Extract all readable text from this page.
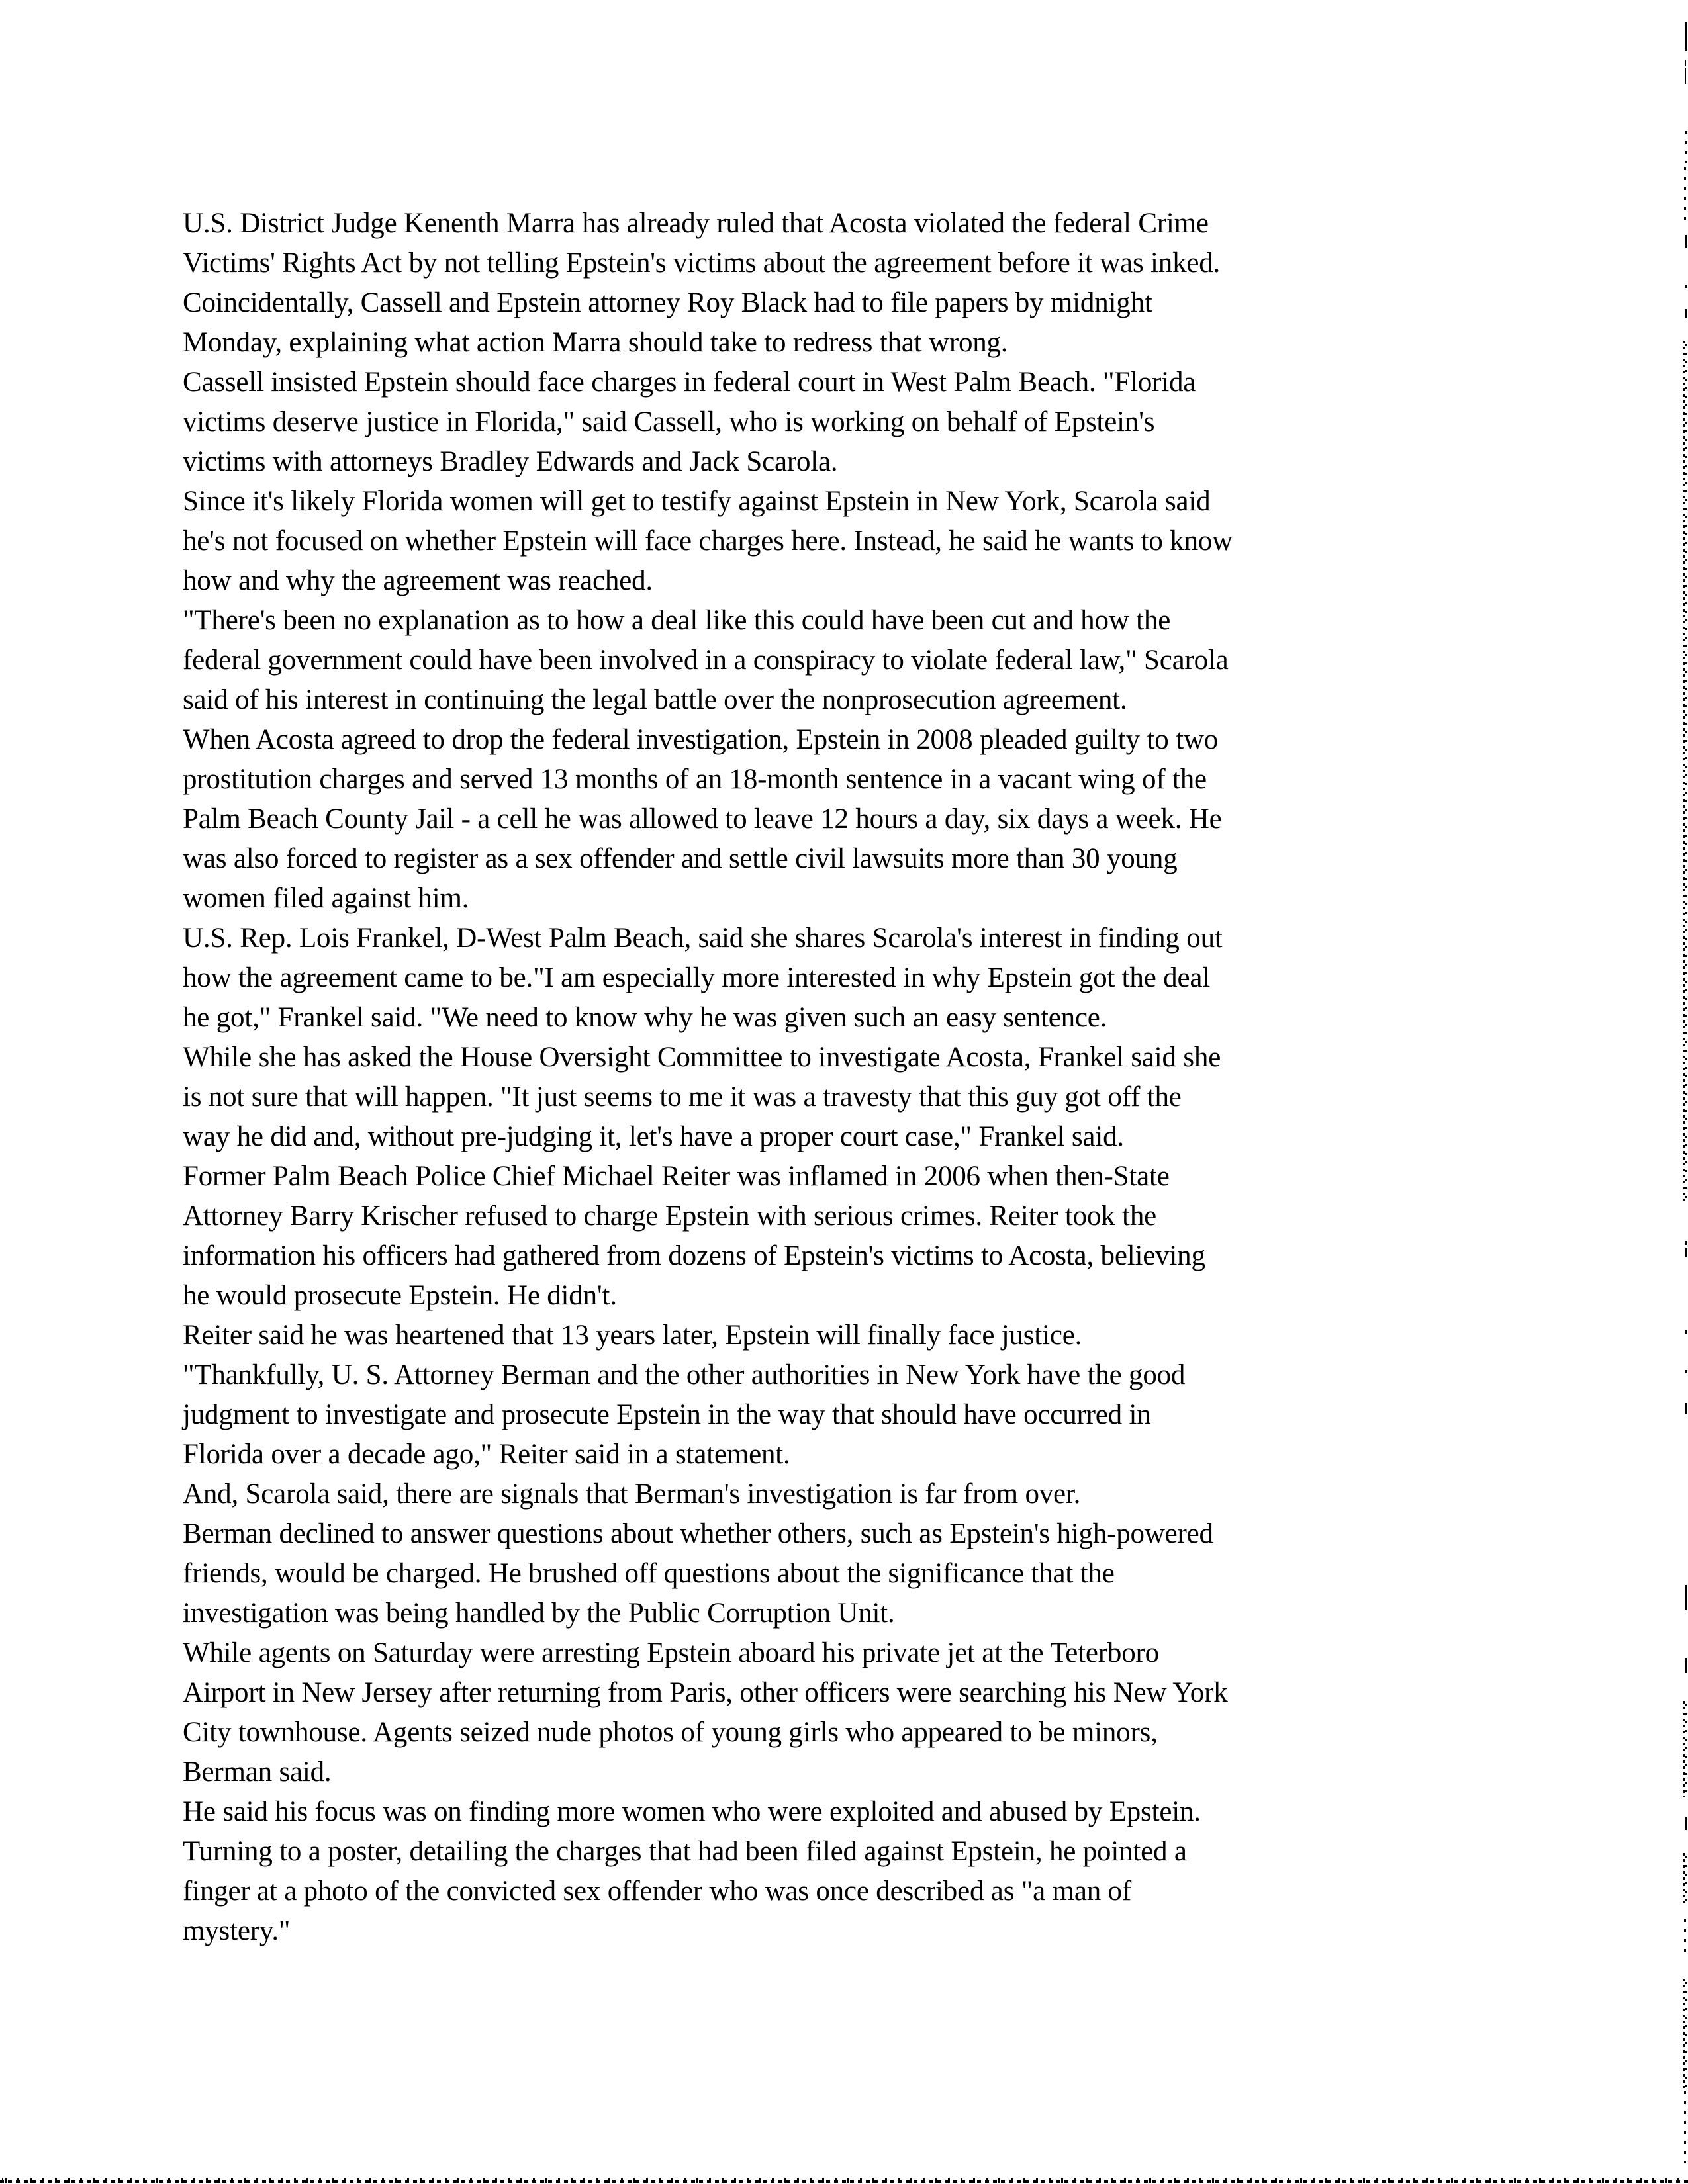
U.S. District Judge Kenenth Marra has already ruled that Acosta violated the federal Crime
Victims' Rights Act by not telling Epstein's victims about the agreement before it was inked.
Coincidentally, Cassell and Epstein attorney Roy Black had to file papers by midnight
Monday, explaining what action Marra should take to redress that wrong.
Cassell insisted Epstein should face charges in federal court in West Palm Beach. "Florida
victims deserve justice in Florida," said Cassell, who is working on behalf of Epstein's
victims with attorneys Bradley Edwards and Jack Scarola.
Since it's likely Florida women will get to testify against Epstein in New York, Scarola said
he's not focused on whether Epstein will face charges here. Instead, he said he wants to know
how and why the agreement was reached.
"There's been no explanation as to how a deal like this could have been cut and how the
federal government could have been involved in a conspiracy to violate federal law," Scarola
said of his interest in continuing the legal battle over the nonprosecution agreement.
When Acosta agreed to drop the federal investigation, Epstein in 2008 pleaded guilty to two
prostitution charges and served 13 months of an 18-month sentence in a vacant wing of the
Palm Beach County Jail - a cell he was allowed to leave 12 hours a day, six days a week. He
was also forced to register as a sex offender and settle civil lawsuits more than 30 young
women filed against him.
U.S. Rep. Lois Frankel, D-West Palm Beach, said she shares Scarola's interest in finding out
how the agreement came to be."I am especially more interested in why Epstein got the deal
he got," Frankel said. "We need to know why he was given such an easy sentence.
While she has asked the House Oversight Committee to investigate Acosta, Frankel said she
is not sure that will happen. "It just seems to me it was a travesty that this guy got off the
way he did and, without pre-judging it, let's have a proper court case," Frankel said.
Former Palm Beach Police Chief Michael Reiter was inflamed in 2006 when then-State
Attorney Barry Krischer refused to charge Epstein with serious crimes. Reiter took the
information his officers had gathered from dozens of Epstein's victims to Acosta, believing
he would prosecute Epstein. He didn't.
Reiter said he was heartened that 13 years later, Epstein will finally face justice.
"Thankfully, U. S. Attorney Berman and the other authorities in New York have the good
judgment to investigate and prosecute Epstein in the way that should have occurred in
Florida over a decade ago," Reiter said in a statement.
And, Scarola said, there are signals that Berman's investigation is far from over.
Berman declined to answer questions about whether others, such as Epstein's high-powered
friends, would be charged. He brushed off questions about the significance that the
investigation was being handled by the Public Corruption Unit.
While agents on Saturday were arresting Epstein aboard his private jet at the Teterboro
Airport in New Jersey after returning from Paris, other officers were searching his New York
City townhouse. Agents seized nude photos of young girls who appeared to be minors,
Berman said.
He said his focus was on finding more women who were exploited and abused by Epstein.
Turning to a poster, detailing the charges that had been filed against Epstein, he pointed a
finger at a photo of the convicted sex offender who was once described as "a man of
mystery."
